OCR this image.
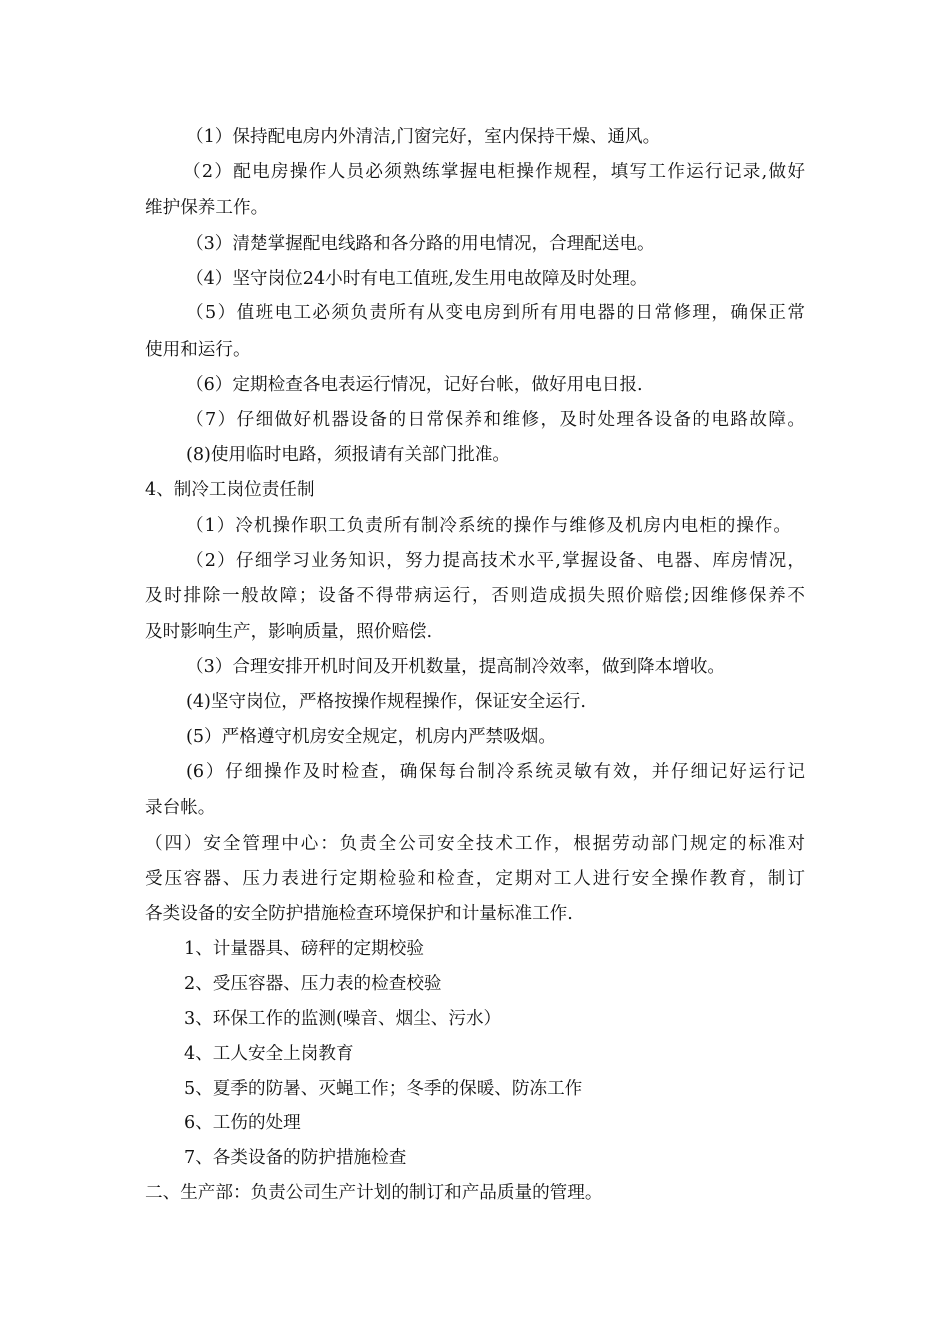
（1）保持配电房内外清洁,门窗完好，室内保持干燥、通风。
（2）配电房操作人员必须熟练掌握电柜操作规程，填写工作运行记录,做好
维护保养工作。
（3）清楚掌握配电线路和各分路的用电情况，合理配送电。
（4）坚守岗位24小时有电工值班,发生用电故障及时处理。
（5）值班电工必须负责所有从变电房到所有用电器的日常修理，确保正常
使用和运行。
（6）定期检查各电表运行情况，记好台帐，做好用电日报.
（7）仔细做好机器设备的日常保养和维修，及时处理各设备的电路故障。
(8)使用临时电路，须报请有关部门批准。
4、制冷工岗位责任制
（1）冷机操作职工负责所有制冷系统的操作与维修及机房内电柜的操作。
（2）仔细学习业务知识，努力提高技术水平,掌握设备、电器、库房情况，
及时排除一般故障；设备不得带病运行，否则造成损失照价赔偿;因维修保养不
及时影响生产，影响质量，照价赔偿.
（3）合理安排开机时间及开机数量，提高制冷效率，做到降本增收。
(4)坚守岗位，严格按操作规程操作，保证安全运行.
(5）严格遵守机房安全规定，机房内严禁吸烟。
(6）仔细操作及时检查，确保每台制冷系统灵敏有效，并仔细记好运行记
录台帐。
（四）安全管理中心：负责全公司安全技术工作，根据劳动部门规定的标准对
受压容器、压力表进行定期检验和检查，定期对工人进行安全操作教育，制订
各类设备的安全防护措施检查环境保护和计量标准工作.
1、计量器具、磅秤的定期校验
2、受压容器、压力表的检查校验
3、环保工作的监测(噪音、烟尘、污水）
4、工人安全上岗教育
5、夏季的防暑、灭蝇工作；冬季的保暖、防冻工作
6、工伤的处理
7、各类设备的防护措施检查
二、生产部：负责公司生产计划的制订和产品质量的管理。
